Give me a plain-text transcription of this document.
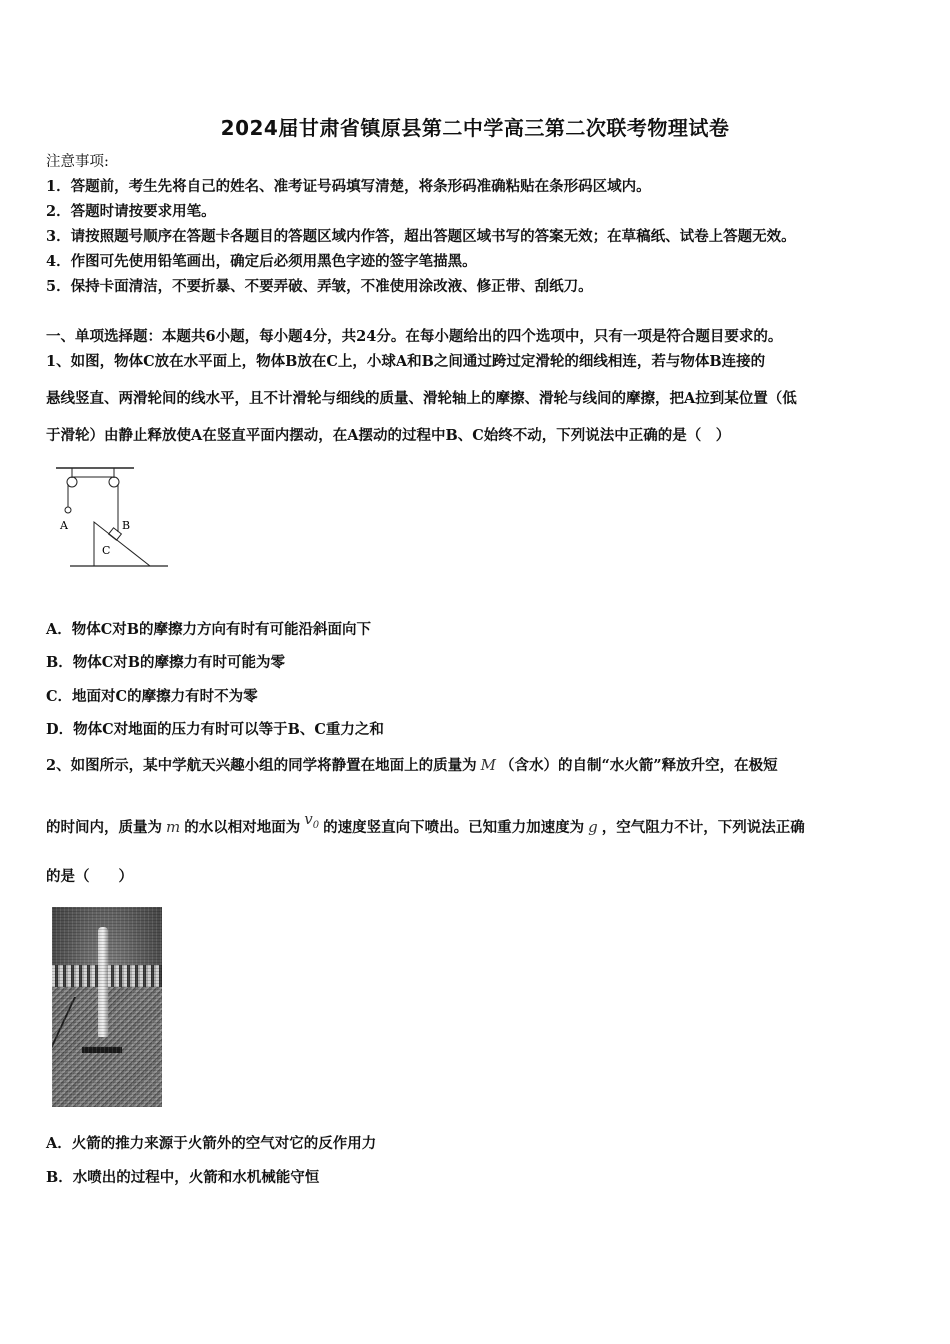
2024届甘肃省镇原县第二中学高三第二次联考物理试卷
注意事项:
1．答题前，考生先将自己的姓名、准考证号码填写清楚，将条形码准确粘贴在条形码区域内。
2．答题时请按要求用笔。
3．请按照题号顺序在答题卡各题目的答题区域内作答，超出答题区域书写的答案无效；在草稿纸、试卷上答题无效。
4．作图可先使用铅笔画出，确定后必须用黑色字迹的签字笔描黑。
5．保持卡面清洁，不要折暴、不要弄破、弄皱，不准使用涂改液、修正带、刮纸刀。
一、单项选择题：本题共6小题，每小题4分，共24分。在每小题给出的四个选项中，只有一项是符合题目要求的。
1、如图，物体C放在水平面上，物体B放在C上，小球A和B之间通过跨过定滑轮的细线相连，若与物体B连接的
悬线竖直、两滑轮间的线水平，且不计滑轮与细线的质量、滑轮轴上的摩擦、滑轮与线间的摩擦，把A拉到某位置（低
于滑轮）由静止释放使A在竖直平面内摆动，在A摆动的过程中B、C始终不动，下列说法中正确的是（　）
A	B
C
A．物体C对B的摩擦力方向有时有可能沿斜面向下
B．物体C对B的摩擦力有时可能为零
C．地面对C的摩擦力有时不为零
D．物体C对地面的压力有时可以等于B、C重力之和
2、如图所示，某中学航天兴趣小组的同学将静置在地面上的质量为 M （含水）的自制“水火箭”释放升空，在极短
的时间内，质量为 m 的水以相对地面为 $v_0$ 的速度竖直向下喷出。已知重力加速度为 g ，空气阻力不计，下列说法正确
的是（　　）
A．火箭的推力来源于火箭外的空气对它的反作用力
B．水喷出的过程中，火箭和水机械能守恒
